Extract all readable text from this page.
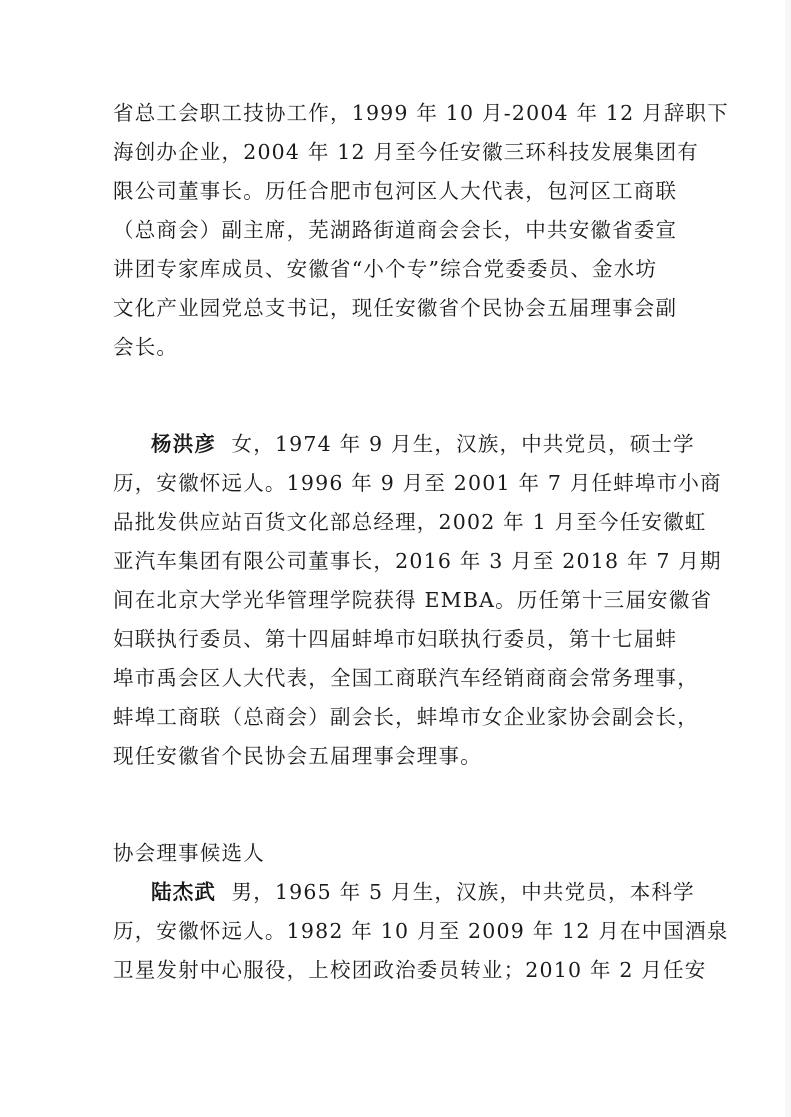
省总工会职工技协工作，1999 年 10 月-2004 年 12 月辞职下
海创办企业，2004 年 12 月至今任安徽三环科技发展集团有
限公司董事长。历任合肥市包河区人大代表，包河区工商联
（总商会）副主席，芜湖路街道商会会长，中共安徽省委宣
讲团专家库成员、安徽省“小个专”综合党委委员、金水坊
文化产业园党总支书记，现任安徽省个民协会五届理事会副
会长。
杨洪彦  女，1974 年 9 月生，汉族，中共党员，硕士学
历，安徽怀远人。1996 年 9 月至 2001 年 7 月任蚌埠市小商
品批发供应站百货文化部总经理，2002 年 1 月至今任安徽虹
亚汽车集团有限公司董事长，2016 年 3 月至 2018 年 7 月期
间在北京大学光华管理学院获得 EMBA。历任第十三届安徽省
妇联执行委员、第十四届蚌埠市妇联执行委员，第十七届蚌
埠市禹会区人大代表，全国工商联汽车经销商商会常务理事，
蚌埠工商联（总商会）副会长，蚌埠市女企业家协会副会长，
现任安徽省个民协会五届理事会理事。
协会理事候选人
陆杰武  男，1965 年 5 月生，汉族，中共党员，本科学
历，安徽怀远人。1982 年 10 月至 2009 年 12 月在中国酒泉
卫星发射中心服役，上校团政治委员转业；2010 年 2 月任安
